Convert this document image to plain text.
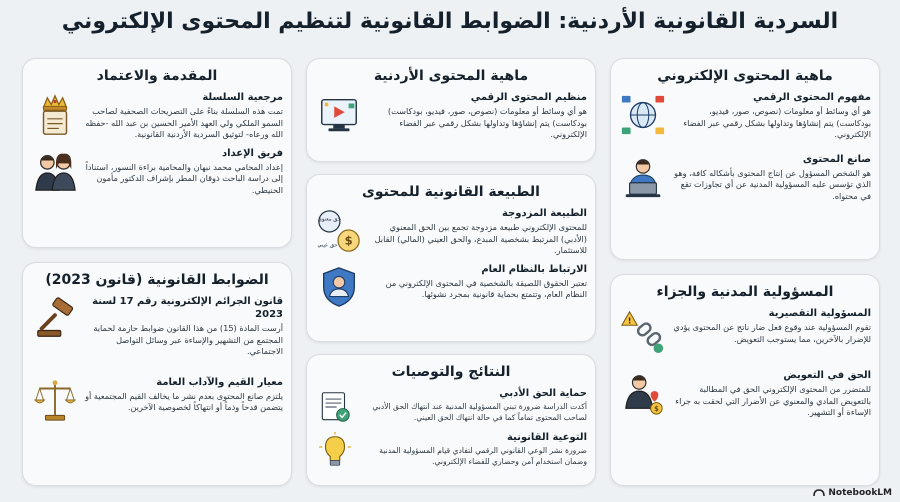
السردية القانونية الأردنية: الضوابط القانونية لتنظيم المحتوى الإلكتروني
المقدمة والاعتماد
مرجعية السلسلة
تمت هذه السلسلة بناءً على التصريحات الصحفية لصاحب السمو الملكي ولي العهد الأمير الحسين بن عبد الله -حفظه الله ورعاه- لتوثيق السردية الأردنية القانونية.
فريق الإعداد
إعداد المحامي محمد نبهان والمحامية براءة النسور، استناداً إلى دراسة الباحث ذوقان المطر بإشراف الدكتور مأمون الحنيطي.
الضوابط القانونية (قانون 2023)
قانون الجرائم الإلكترونية رقم 17 لسنة 2023
أرست المادة (15) من هذا القانون ضوابط حازمة لحماية المجتمع من التشهير والإساءة عبر وسائل التواصل الاجتماعي.
معيار القيم والآداب العامة
يلتزم صانع المحتوى بعدم نشر ما يخالف القيم المجتمعية أو يتضمن قدحاً وذماً أو انتهاكاً لخصوصية الآخرين.
ماهية المحتوى الأردنية
منظيم المحتوى الرقمي
هو أي وسائط أو معلومات (نصوص، صور، فيديو، بودكاست) بودكاست) يتم إنشاؤها وتداولها بشكل رقمي عبر الفضاء الإلكتروني.
الطبيعة القانونية للمحتوى
الطبيعة المزدوجة
للمحتوى الإلكتروني طبيعة مزدوجة تجمع بين الحق المعنوي (الأدبي) المرتبط بشخصية المبدع، والحق العيني (المالي) القابل للاستثمار.
حق معنوي
$
حق عيني
الارتباط بالنظام العام
تعتبر الحقوق اللصيقة بالشخصية في المحتوى الإلكتروني من النظام العام، وتتمتع بحماية قانونية بمجرد نشوئها.
النتائج والتوصيات
حماية الحق الأدبي
أكدت الدراسة ضرورة تبني المسؤولية المدنية عند انتهاك الحق الأدبي لصاحب المحتوى تماماً كما في حالة انتهاك الحق العيني.
التوعية القانونية
ضرورة نشر الوعي القانوني الرقمي لتفادي قيام المسؤولية المدنية وضمان استخدام آمن وحضاري للفضاء الإلكتروني.
ماهية المحتوى الإلكتروني
مفهوم المحتوى الرقمي
هو أي وسائط أو معلومات (نصوص، صور، فيديو، بودكاست) يتم إنشاؤها وتداولها بشكل رقمي عبر الفضاء الإلكتروني.
صانع المحتوى
هو الشخص المسؤول عن إنتاج المحتوى بأشكاله كافة، وهو الذي تؤسس عليه المسؤولية المدنية عن أي تجاوزات تقع في محتواه.
المسؤولية المدنية والجزاء
المسؤولية التقصيرية
تقوم المسؤولية عند وقوع فعل ضار ناتج عن المحتوى يؤدي للإضرار بالآخرين، مما يستوجب التعويض.
!
الحق في التعويض
للمتضرر من المحتوى الإلكتروني الحق في المطالبة بالتعويض المادي والمعنوي عن الأضرار التي لحقت به جراء الإساءة أو التشهير.
$
NotebookLM
